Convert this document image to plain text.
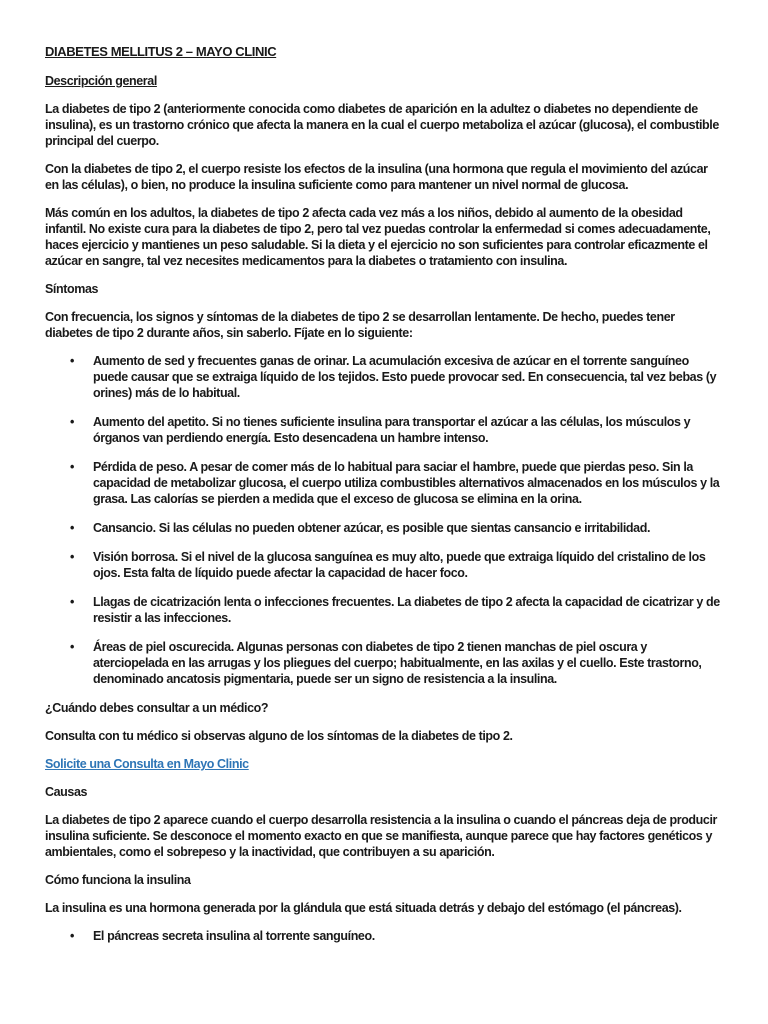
DIABETES MELLITUS 2 – MAYO CLINIC
Descripción general

La diabetes de tipo 2 (anteriormente conocida como diabetes de aparición en la adultez o diabetes no dependiente de insulina), es un trastorno crónico que afecta la manera en la cual el cuerpo metaboliza el azúcar (glucosa), el combustible principal del cuerpo.

Con la diabetes de tipo 2, el cuerpo resiste los efectos de la insulina (una hormona que regula el movimiento del azúcar en las células), o bien, no produce la insulina suficiente como para mantener un nivel normal de glucosa.

Más común en los adultos, la diabetes de tipo 2 afecta cada vez más a los niños, debido al aumento de la obesidad infantil. No existe cura para la diabetes de tipo 2, pero tal vez puedas controlar la enfermedad si comes adecuadamente, haces ejercicio y mantienes un peso saludable. Si la dieta y el ejercicio no son suficientes para controlar eficazmente el azúcar en sangre, tal vez necesites medicamentos para la diabetes o tratamiento con insulina.

Síntomas

Con frecuencia, los signos y síntomas de la diabetes de tipo 2 se desarrollan lentamente. De hecho, puedes tener diabetes de tipo 2 durante años, sin saberlo. Fíjate en lo siguiente:

• Aumento de sed y frecuentes ganas de orinar. La acumulación excesiva de azúcar en el torrente sanguíneo puede causar que se extraiga líquido de los tejidos. Esto puede provocar sed. En consecuencia, tal vez bebas (y orines) más de lo habitual.
• Aumento del apetito. Si no tienes suficiente insulina para transportar el azúcar a las células, los músculos y órganos van perdiendo energía. Esto desencadena un hambre intenso.
• Pérdida de peso. A pesar de comer más de lo habitual para saciar el hambre, puede que pierdas peso. Sin la capacidad de metabolizar glucosa, el cuerpo utiliza combustibles alternativos almacenados en los músculos y la grasa. Las calorías se pierden a medida que el exceso de glucosa se elimina en la orina.
• Cansancio. Si las células no pueden obtener azúcar, es posible que sientas cansancio e irritabilidad.
• Visión borrosa. Si el nivel de la glucosa sanguínea es muy alto, puede que extraiga líquido del cristalino de los ojos. Esta falta de líquido puede afectar la capacidad de hacer foco.
• Llagas de cicatrización lenta o infecciones frecuentes. La diabetes de tipo 2 afecta la capacidad de cicatrizar y de resistir a las infecciones.
• Áreas de piel oscurecida. Algunas personas con diabetes de tipo 2 tienen manchas de piel oscura y aterciopelada en las arrugas y los pliegues del cuerpo; habitualmente, en las axilas y el cuello. Este trastorno, denominado ancatosis pigmentaria, puede ser un signo de resistencia a la insulina.
¿Cuándo debes consultar a un médico?

Consulta con tu médico si observas alguno de los síntomas de la diabetes de tipo 2.

Solicite una Consulta en Mayo Clinic

Causas

La diabetes de tipo 2 aparece cuando el cuerpo desarrolla resistencia a la insulina o cuando el páncreas deja de producir insulina suficiente. Se desconoce el momento exacto en que se manifiesta, aunque parece que hay factores genéticos y ambientales, como el sobrepeso y la inactividad, que contribuyen a su aparición.

Cómo funciona la insulina

La insulina es una hormona generada por la glándula que está situada detrás y debajo del estómago (el páncreas).

• El páncreas secreta insulina al torrente sanguíneo.
